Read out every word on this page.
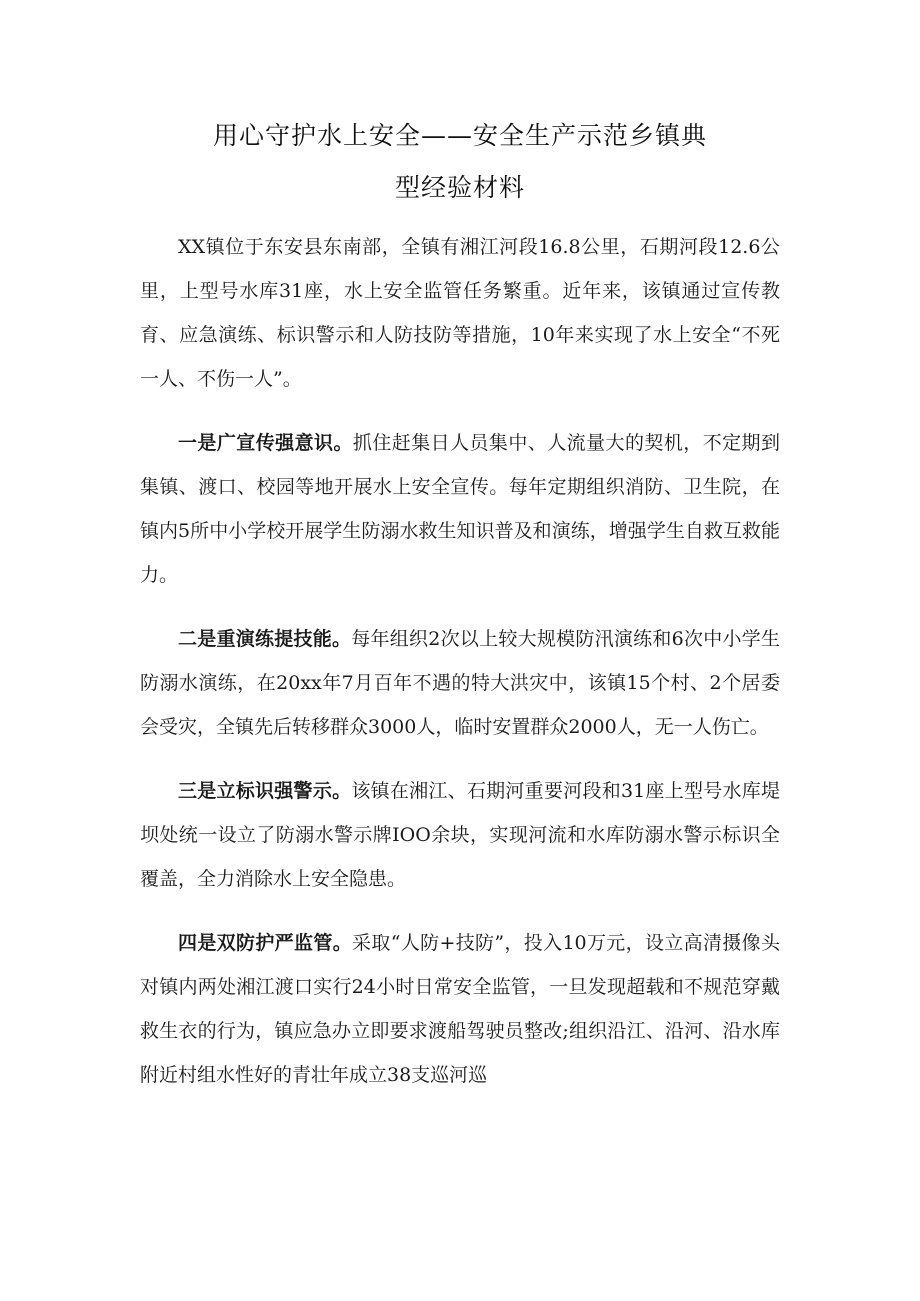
用心守护水上安全——安全生产示范乡镇典
型经验材料

XX镇位于东安县东南部，全镇有湘江河段16.8公里，石期河段12.6公里，上型号水库31座，水上安全监管任务繁重。近年来，该镇通过宣传教育、应急演练、标识警示和人防技防等措施，10年来实现了水上安全“不死一人、不伤一人”。

一是广宣传强意识。抓住赶集日人员集中、人流量大的契机，不定期到集镇、渡口、校园等地开展水上安全宣传。每年定期组织消防、卫生院，在镇内5所中小学校开展学生防溺水救生知识普及和演练，增强学生自救互救能力。

二是重演练提技能。每年组织2次以上较大规模防汛演练和6次中小学生防溺水演练，在20xx年7月百年不遇的特大洪灾中，该镇15个村、2个居委会受灾，全镇先后转移群众3000人，临时安置群众2000人，无一人伤亡。

三是立标识强警示。该镇在湘江、石期河重要河段和31座上型号水库堤坝处统一设立了防溺水警示牌IOO余块，实现河流和水库防溺水警示标识全覆盖，全力消除水上安全隐患。

四是双防护严监管。采取“人防+技防”，投入10万元，设立高清摄像头对镇内两处湘江渡口实行24小时日常安全监管，一旦发现超载和不规范穿戴救生衣的行为，镇应急办立即要求渡船驾驶员整改;组织沿江、沿河、沿水库附近村组水性好的青壮年成立38支巡河巡
